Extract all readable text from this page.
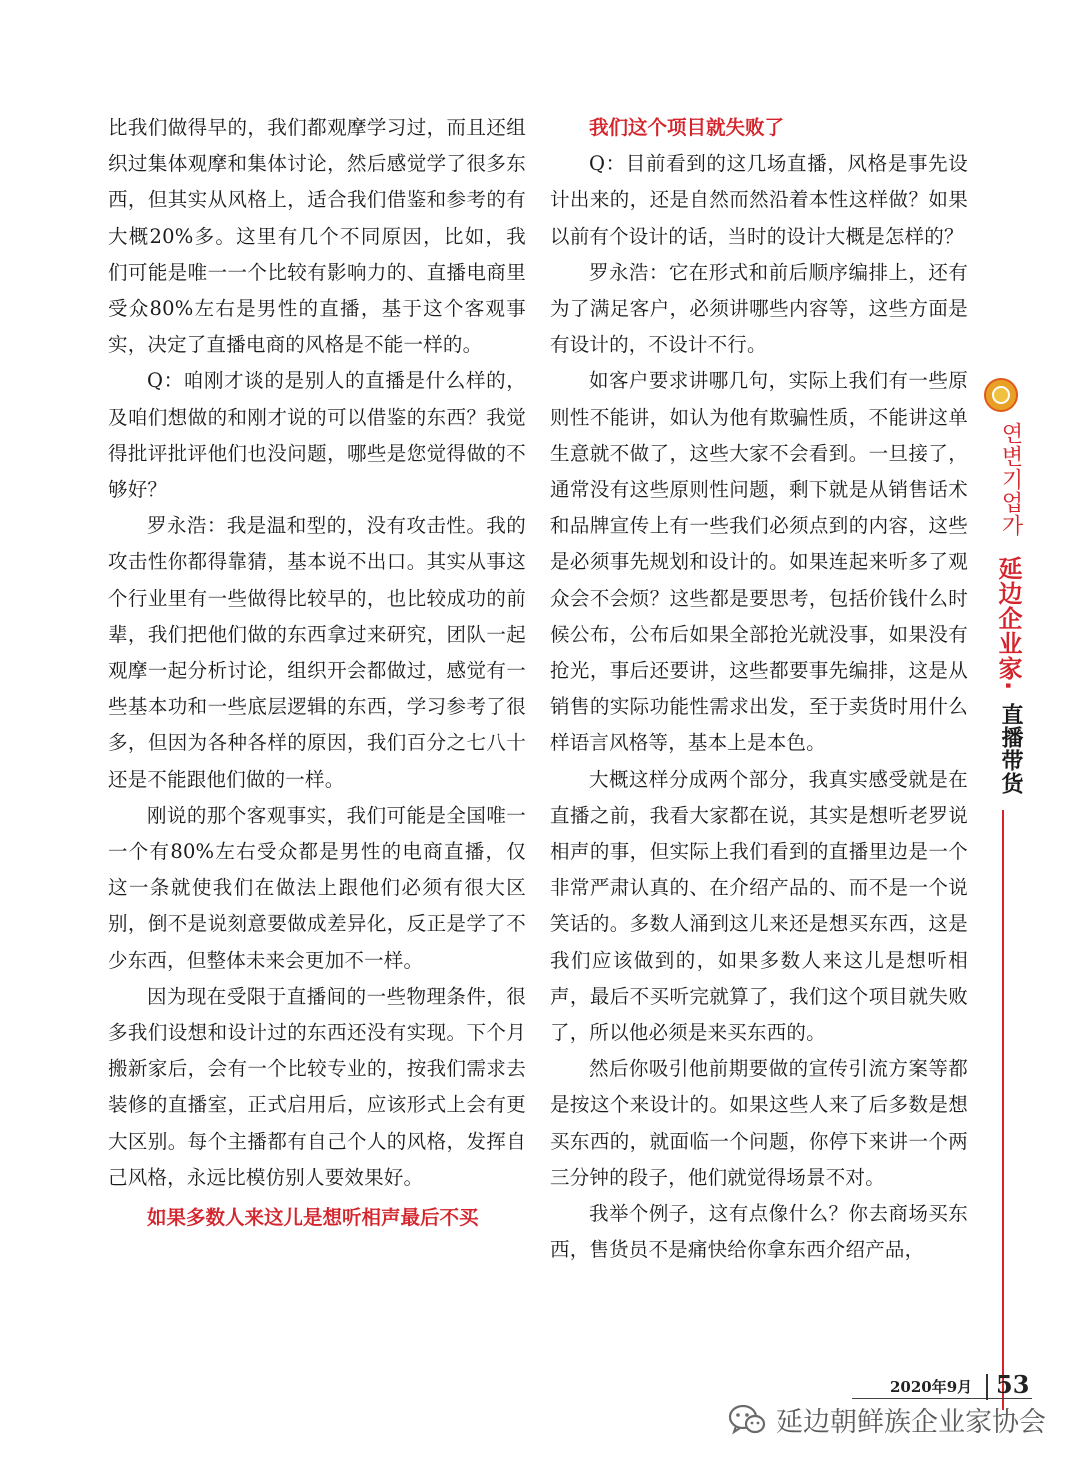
比我们做得早的，我们都观摩学习过，而且还组织过集体观摩和集体讨论，然后感觉学了很多东西，但其实从风格上，适合我们借鉴和参考的有大概20%多。这里有几个不同原因，比如，我们可能是唯一一个比较有影响力的、直播电商里受众80%左右是男性的直播，基于这个客观事实，决定了直播电商的风格是不能一样的。

Q：咱刚才谈的是别人的直播是什么样的，及咱们想做的和刚才说的可以借鉴的东西？我觉得批评批评他们也没问题，哪些是您觉得做的不够好？

罗永浩：我是温和型的，没有攻击性。我的攻击性你都得靠猜，基本说不出口。其实从事这个行业里有一些做得比较早的，也比较成功的前辈，我们把他们做的东西拿过来研究，团队一起观摩一起分析讨论，组织开会都做过，感觉有一些基本功和一些底层逻辑的东西，学习参考了很多，但因为各种各样的原因，我们百分之七八十还是不能跟他们做的一样。

刚说的那个客观事实，我们可能是全国唯一一个有80%左右受众都是男性的电商直播，仅这一条就使我们在做法上跟他们必须有很大区别，倒不是说刻意要做成差异化，反正是学了不少东西，但整体未来会更加不一样。

因为现在受限于直播间的一些物理条件，很多我们设想和设计过的东西还没有实现。下个月搬新家后，会有一个比较专业的，按我们需求去装修的直播室，正式启用后，应该形式上会有更大区别。每个主播都有自己个人的风格，发挥自己风格，永远比模仿别人要效果好。

如果多数人来这儿是想听相声最后不买

我们这个项目就失败了

Q：目前看到的这几场直播，风格是事先设计出来的，还是自然而然沿着本性这样做？如果以前有个设计的话，当时的设计大概是怎样的？

罗永浩：它在形式和前后顺序编排上，还有为了满足客户，必须讲哪些内容等，这些方面是有设计的，不设计不行。

如客户要求讲哪几句，实际上我们有一些原则性不能讲，如认为他有欺骗性质，不能讲这单生意就不做了，这些大家不会看到。一旦接了，通常没有这些原则性问题，剩下就是从销售话术和品牌宣传上有一些我们必须点到的内容，这些是必须事先规划和设计的。如果连起来听多了观众会不会烦？这些都是要思考，包括价钱什么时候公布，公布后如果全部抢光就没事，如果没有抢光，事后还要讲，这些都要事先编排，这是从销售的实际功能性需求出发，至于卖货时用什么样语言风格等，基本上是本色。

大概这样分成两个部分，我真实感受就是在直播之前，我看大家都在说，其实是想听老罗说相声的事，但实际上我们看到的直播里边是一个非常严肃认真的、在介绍产品的、而不是一个说笑话的。多数人涌到这儿来还是想买东西，这是我们应该做到的，如果多数人来这儿是想听相声，最后不买听完就算了，我们这个项目就失败了，所以他必须是来买东西的。

然后你吸引他前期要做的宣传引流方案等都是按这个来设计的。如果这些人来了后多数是想买东西的，就面临一个问题，你停下来讲一个两三分钟的段子，他们就觉得场景不对。

我举个例子，这有点像什么？你去商场买东西，售货员不是痛快给你拿东西介绍产品，

연변기업가
延边企业家·
直播带货
2020年9月 53
延边朝鲜族企业家协会
